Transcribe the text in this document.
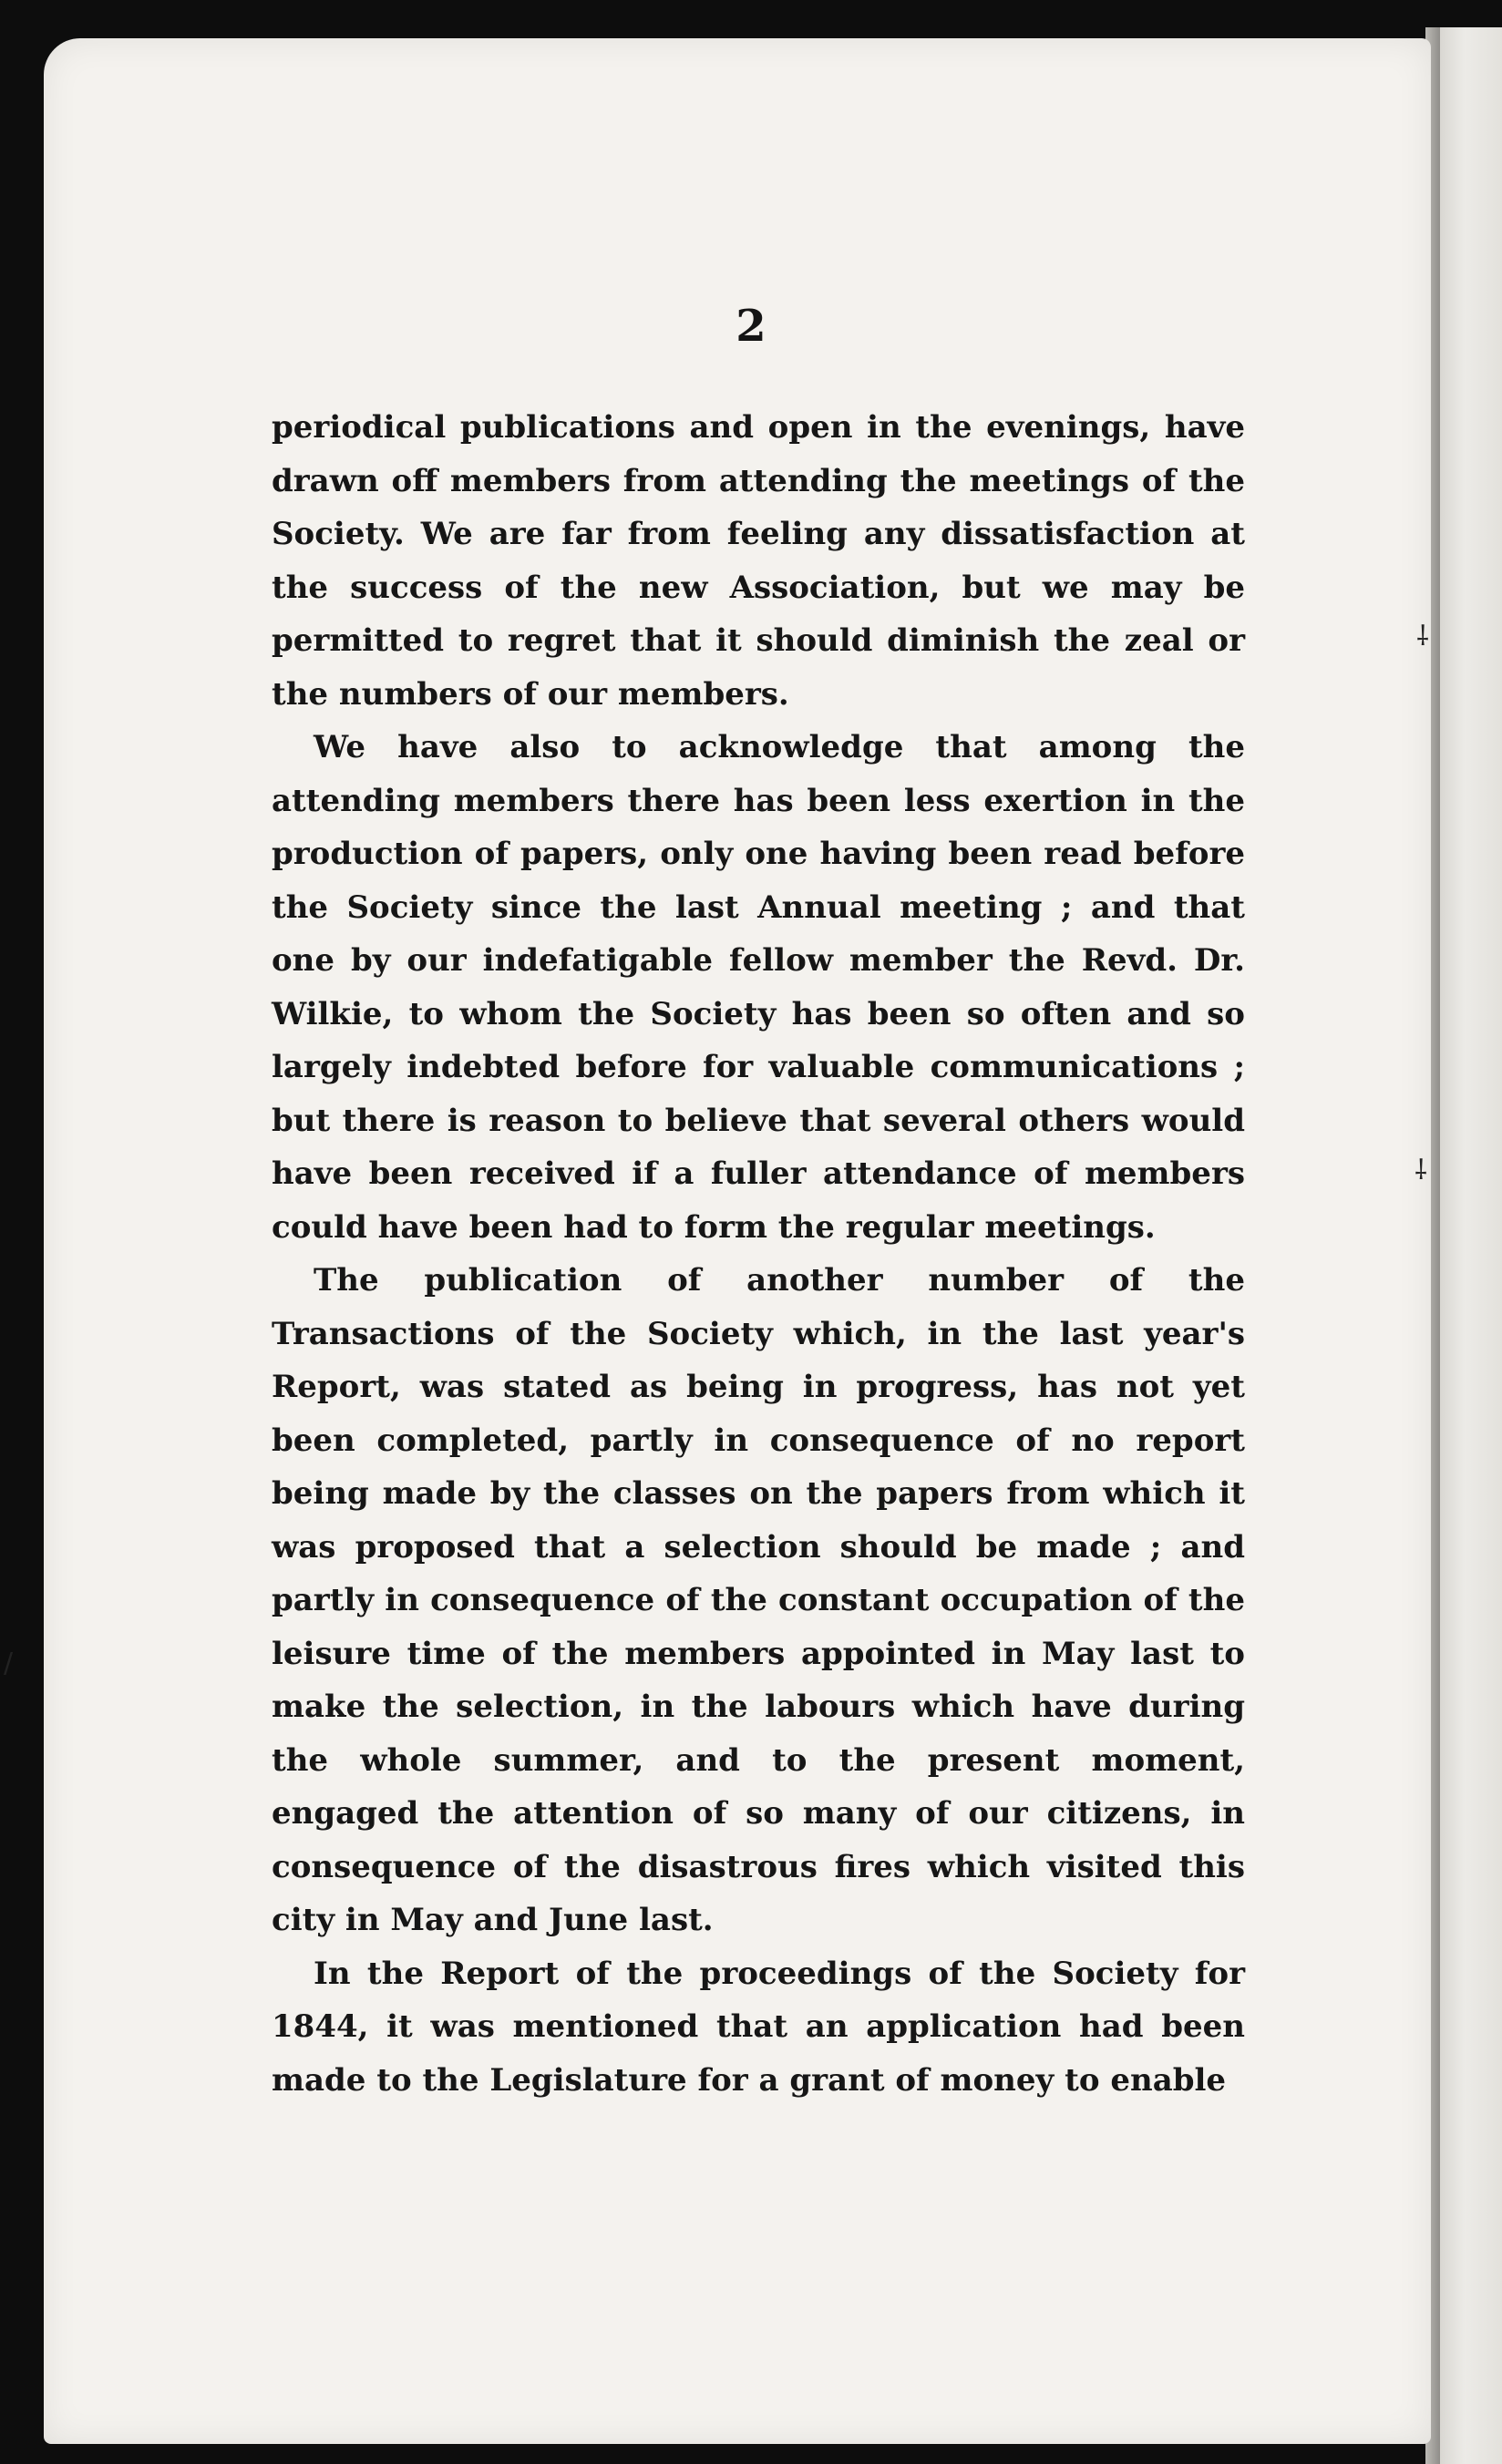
2

periodical publications and open in the evenings, have drawn off members from attending the meetings of the Society. We are far from feeling any dissatisfaction at the success of the new Association, but we may be permitted to regret that it should diminish the zeal or the numbers of our members.

We have also to acknowledge that among the attending members there has been less exertion in the production of papers, only one having been read before the Society since the last Annual meeting ; and that one by our indefatigable fellow member the Revd. Dr. Wilkie, to whom the Society has been so often and so largely indebted before for valuable communications ; but there is reason to believe that several others would have been received if a fuller attendance of members could have been had to form the regular meetings.

The publication of another number of the Transactions of the Society which, in the last year's Report, was stated as being in progress, has not yet been completed, partly in consequence of no report being made by the classes on the papers from which it was proposed that a selection should be made ; and partly in consequence of the constant occupation of the leisure time of the members appointed in May last to make the selection, in the labours which have during the whole summer, and to the present moment, engaged the attention of so many of our citizens, in consequence of the disastrous fires which visited this city in May and June last.

In the Report of the proceedings of the Society for 1844, it was mentioned that an application had been made to the Legislature for a grant of money to enable

⸸
⸸
/
